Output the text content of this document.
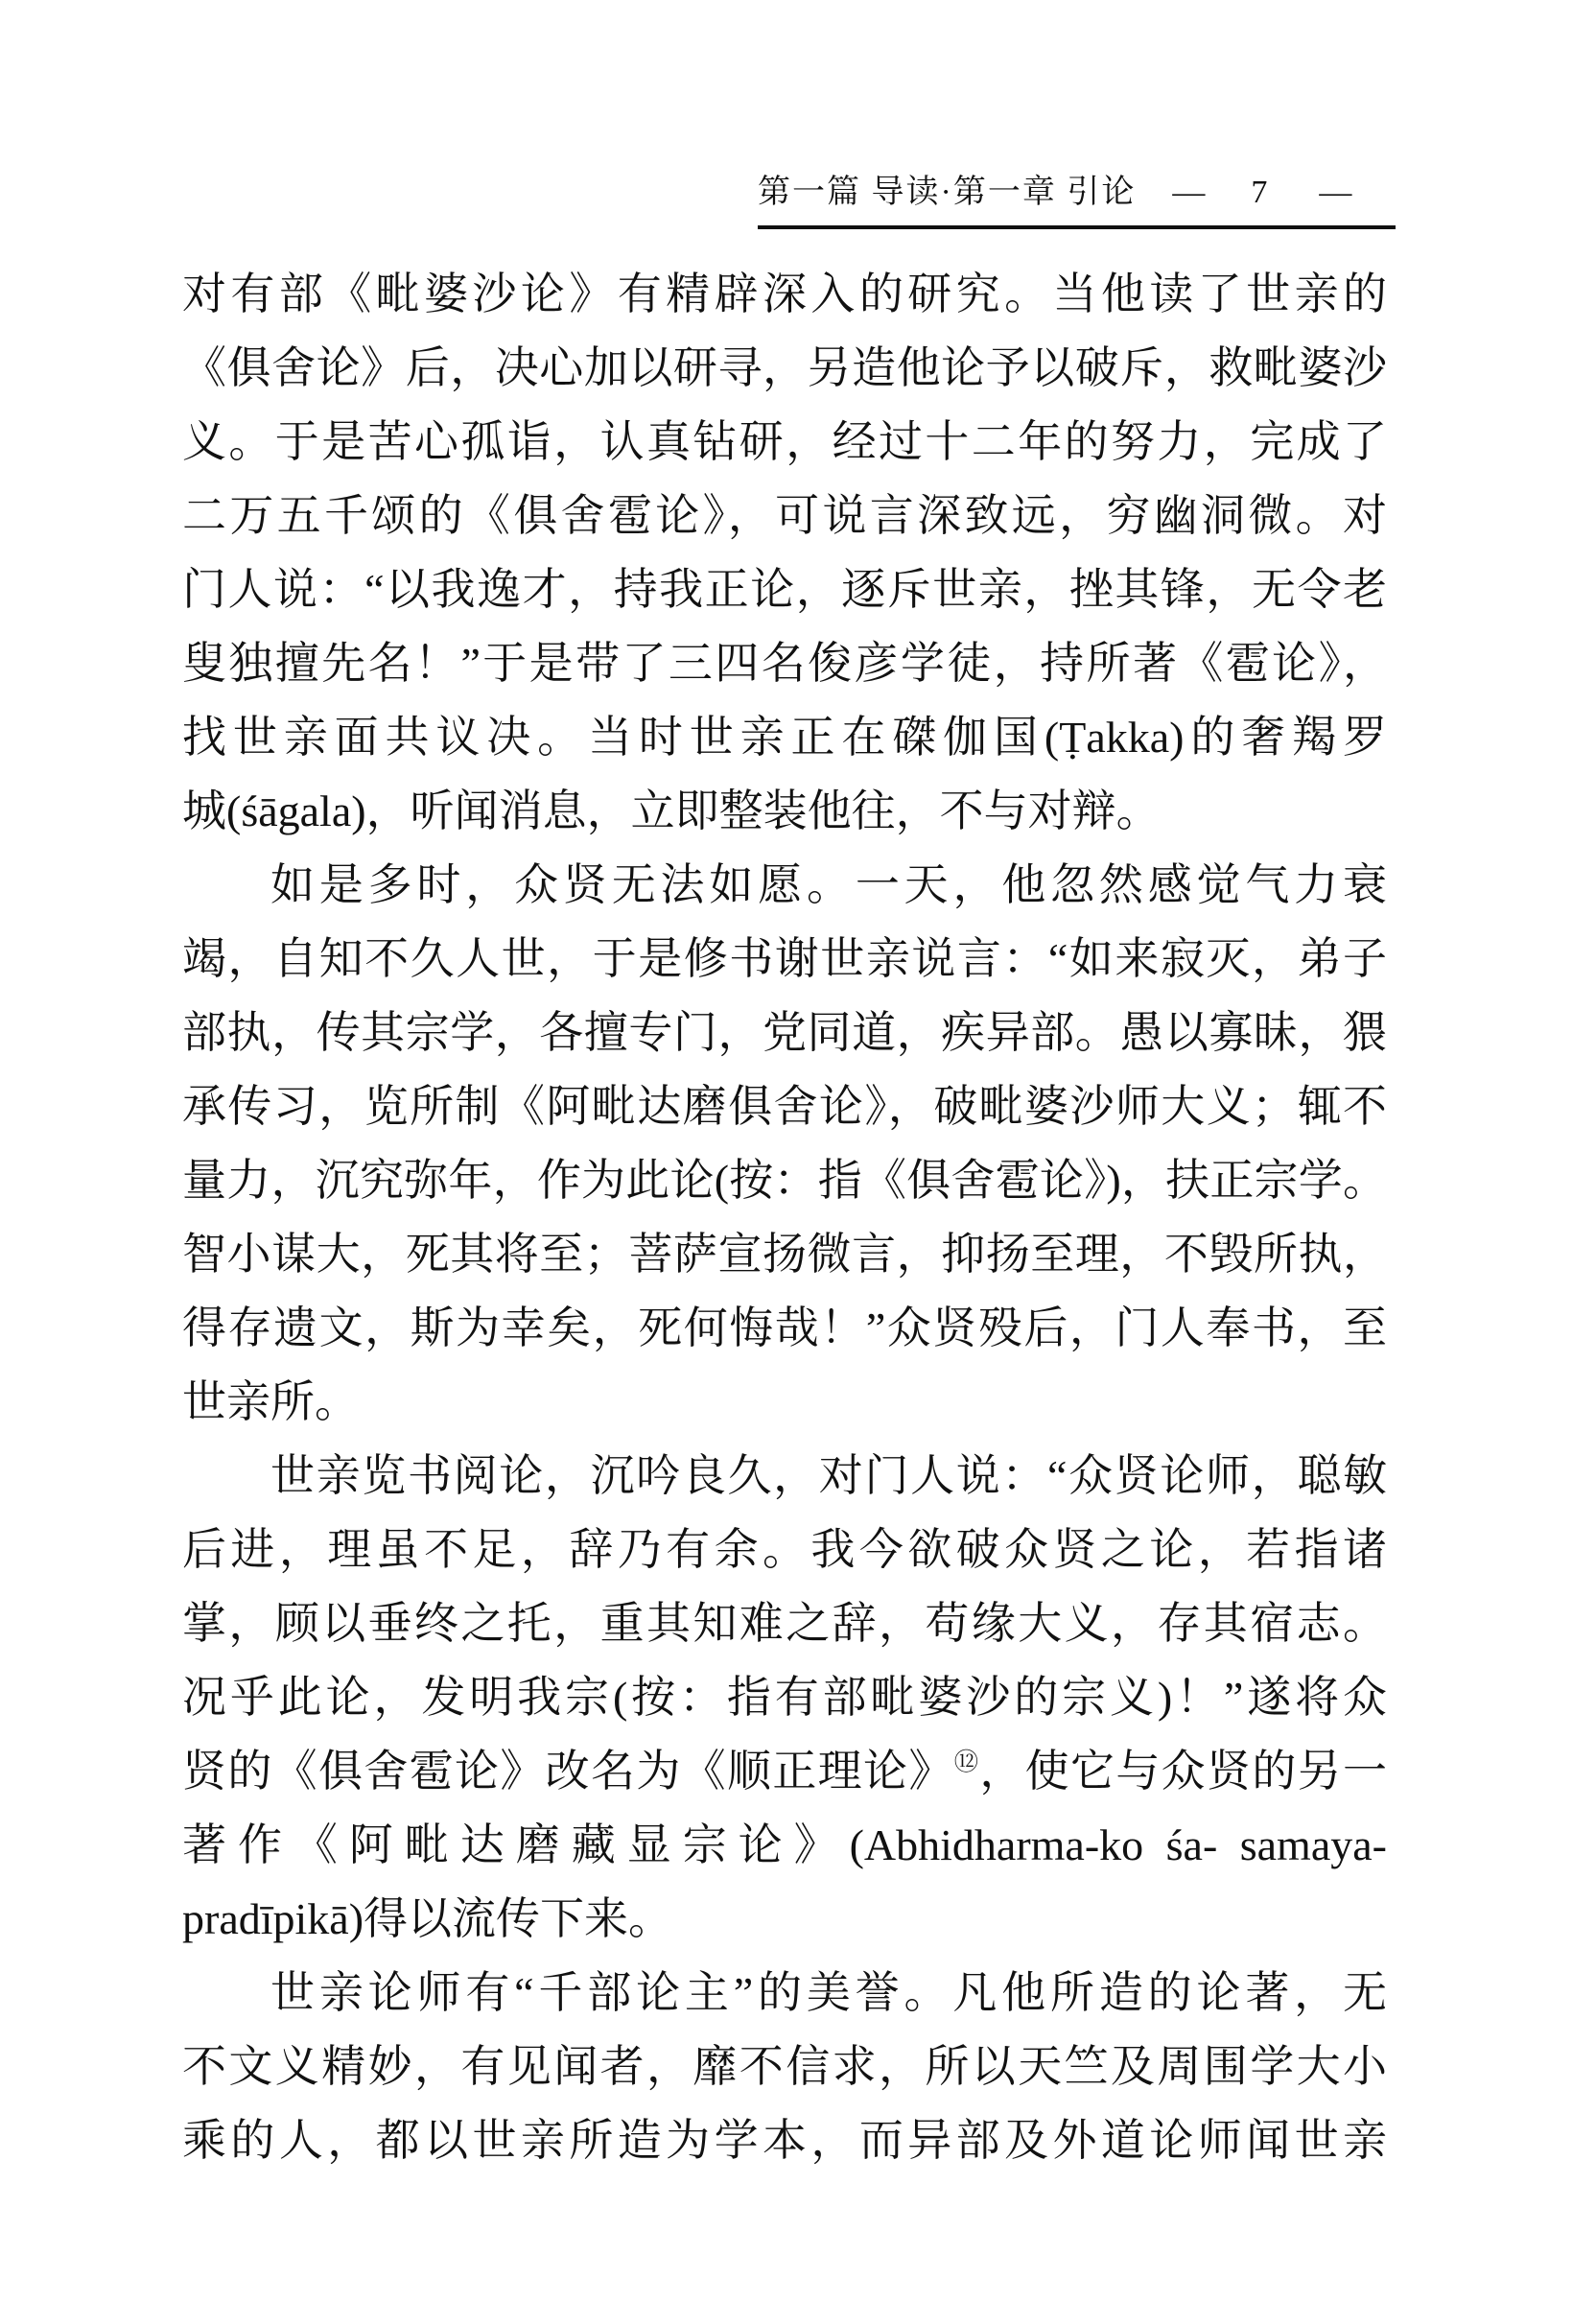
第一篇 导读·第一章 引论 — 7 —
对有部《毗婆沙论》有精辟深入的研究。当他读了世亲的
《俱舍论》后，决心加以研寻，另造他论予以破斥，救毗婆沙
义。于是苦心孤诣，认真钻研，经过十二年的努力，完成了
二万五千颂的《俱舍雹论》，可说言深致远，穷幽洞微。对
门人说：“以我逸才，持我正论，逐斥世亲，挫其锋，无令老
叟独擅先名！”于是带了三四名俊彦学徒，持所著《雹论》，
找世亲面共议决。当时世亲正在磔伽国(Ṭakka)的奢羯罗
城(śāgala)，听闻消息，立即整装他往，不与对辩。
如是多时，众贤无法如愿。一天，他忽然感觉气力衰
竭，自知不久人世，于是修书谢世亲说言：“如来寂灭，弟子
部执，传其宗学，各擅专门，党同道，疾异部。愚以寡昧，猥
承传习，览所制《阿毗达磨俱舍论》，破毗婆沙师大义；辄不
量力，沉究弥年，作为此论(按：指《俱舍雹论》)，扶正宗学。
智小谋大，死其将至；菩萨宣扬微言，抑扬至理，不毁所执，
得存遗文，斯为幸矣，死何悔哉！”众贤殁后，门人奉书，至
世亲所。
世亲览书阅论，沉吟良久，对门人说：“众贤论师，聪敏
后进，理虽不足，辞乃有余。我今欲破众贤之论，若指诸
掌，顾以垂终之托，重其知难之辞，苟缘大义，存其宿志。
况乎此论，发明我宗(按：指有部毗婆沙的宗义)！”遂将众
贤的《俱舍雹论》改名为《顺正理论》⑫，使它与众贤的另一
著作《阿毗达磨藏显宗论》(Abhidharma-ko śa- samaya-
pradīpikā)得以流传下来。
世亲论师有“千部论主”的美誉。凡他所造的论著，无
不文义精妙，有见闻者，靡不信求，所以天竺及周围学大小
乘的人，都以世亲所造为学本，而异部及外道论师闻世亲
